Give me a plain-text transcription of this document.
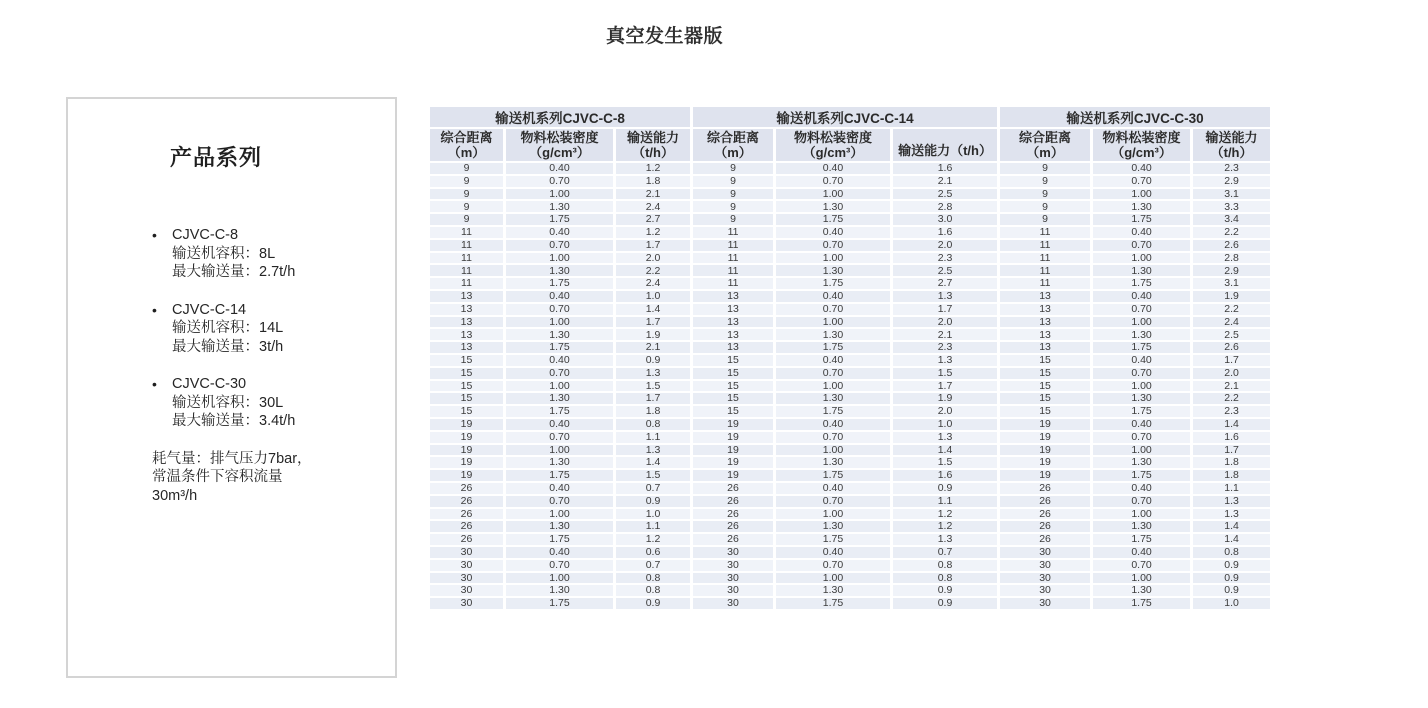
真空发生器版
产品系列
•	CJVC-C-8
输送机容积：8L
最大输送量：2.7t/h
•	CJVC-C-14
输送机容积：14L
最大输送量：3t/h
•	CJVC-C-30
输送机容积：30L
最大输送量：3.4t/h
耗气量：排气压力7bar，
常温条件下容积流量
30m³/h
输送机系列CJVC-C-8			输送机系列CJVC-C-14			输送机系列CJVC-C-30		

综合距离
（m）	物料松装密度
（g/cm³）	输送能力
（t/h）	综合距离
（m）	物料松装密度
（g/cm³）	输送能力（t/h）	综合距离
（m）	物料松装密度
（g/cm³）	输送能力
（t/h）

9	0.40	1.2	9	0.40	1.6	9	0.40	2.3
9	0.70	1.8	9	0.70	2.1	9	0.70	2.9
9	1.00	2.1	9	1.00	2.5	9	1.00	3.1
9	1.30	2.4	9	1.30	2.8	9	1.30	3.3
9	1.75	2.7	9	1.75	3.0	9	1.75	3.4
11	0.40	1.2	11	0.40	1.6	11	0.40	2.2
11	0.70	1.7	11	0.70	2.0	11	0.70	2.6
11	1.00	2.0	11	1.00	2.3	11	1.00	2.8
11	1.30	2.2	11	1.30	2.5	11	1.30	2.9
11	1.75	2.4	11	1.75	2.7	11	1.75	3.1
13	0.40	1.0	13	0.40	1.3	13	0.40	1.9
13	0.70	1.4	13	0.70	1.7	13	0.70	2.2
13	1.00	1.7	13	1.00	2.0	13	1.00	2.4
13	1.30	1.9	13	1.30	2.1	13	1.30	2.5
13	1.75	2.1	13	1.75	2.3	13	1.75	2.6
15	0.40	0.9	15	0.40	1.3	15	0.40	1.7
15	0.70	1.3	15	0.70	1.5	15	0.70	2.0
15	1.00	1.5	15	1.00	1.7	15	1.00	2.1
15	1.30	1.7	15	1.30	1.9	15	1.30	2.2
15	1.75	1.8	15	1.75	2.0	15	1.75	2.3
19	0.40	0.8	19	0.40	1.0	19	0.40	1.4
19	0.70	1.1	19	0.70	1.3	19	0.70	1.6
19	1.00	1.3	19	1.00	1.4	19	1.00	1.7
19	1.30	1.4	19	1.30	1.5	19	1.30	1.8
19	1.75	1.5	19	1.75	1.6	19	1.75	1.8
26	0.40	0.7	26	0.40	0.9	26	0.40	1.1
26	0.70	0.9	26	0.70	1.1	26	0.70	1.3
26	1.00	1.0	26	1.00	1.2	26	1.00	1.3
26	1.30	1.1	26	1.30	1.2	26	1.30	1.4
26	1.75	1.2	26	1.75	1.3	26	1.75	1.4
30	0.40	0.6	30	0.40	0.7	30	0.40	0.8
30	0.70	0.7	30	0.70	0.8	30	0.70	0.9
30	1.00	0.8	30	1.00	0.8	30	1.00	0.9
30	1.30	0.8	30	1.30	0.9	30	1.30	0.9
30	1.75	0.9	30	1.75	0.9	30	1.75	1.0
